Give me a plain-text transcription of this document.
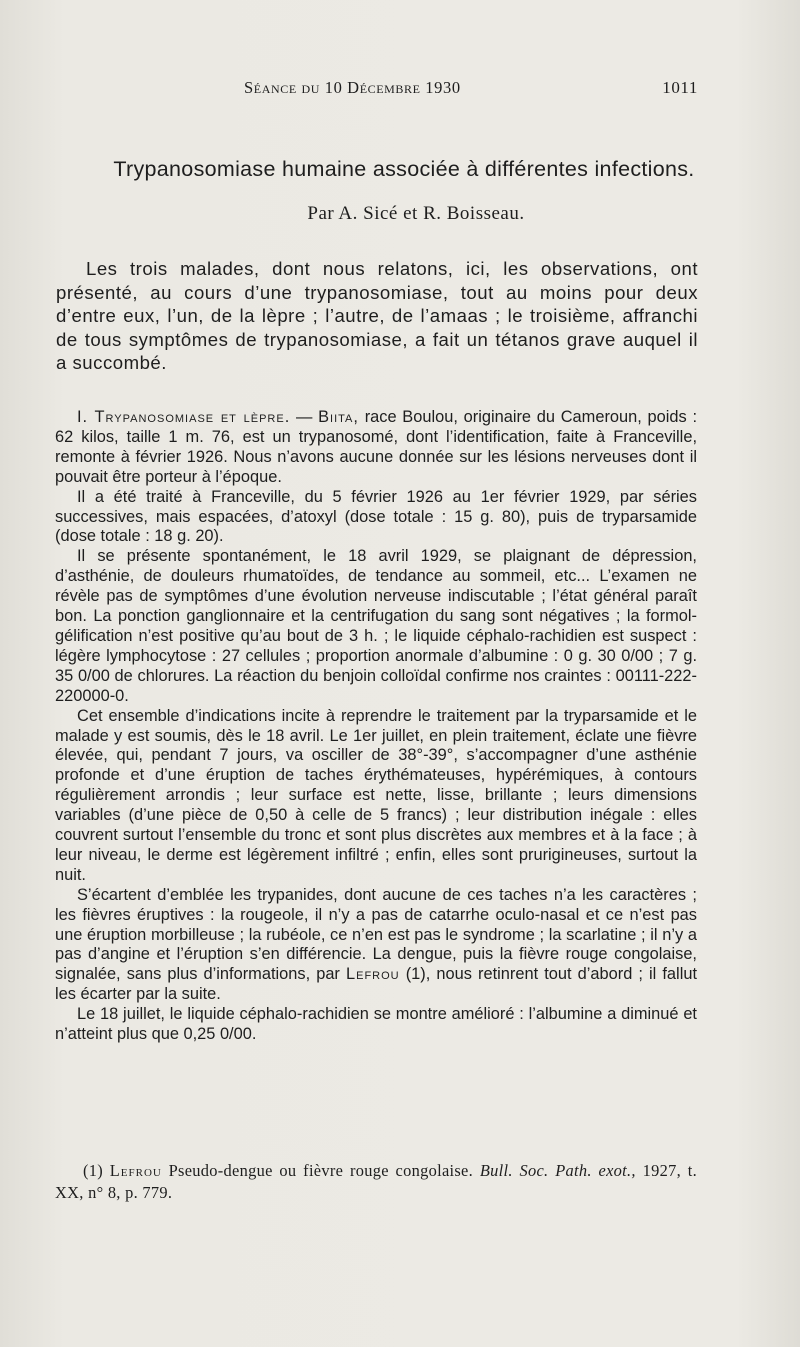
Séance du 10 Décembre 1930	1011
Trypanosomiase humaine associée à différentes infections.
Par A. Sicé et R. Boisseau.
Les trois malades, dont nous relatons, ici, les observations, ont présenté, au cours d’une trypanosomiase, tout au moins pour deux d’entre eux, l’un, de la lèpre ; l’autre, de l’amaas ; le troisième, affranchi de tous symptômes de trypanosomiase, a fait un tétanos grave auquel il a succombé.

I. Trypanosomiase et lèpre. — Biita, race Boulou, originaire du Cameroun, poids : 62 kilos, taille 1 m. 76, est un trypanosomé, dont l’identification, faite à Franceville, remonte à février 1926. Nous n’avons aucune donnée sur les lésions nerveuses dont il pouvait être porteur à l’époque.

Il a été traité à Franceville, du 5 février 1926 au 1er février 1929, par séries successives, mais espacées, d’atoxyl (dose totale : 15 g. 80), puis de tryparsamide (dose totale : 18 g. 20).

Il se présente spontanément, le 18 avril 1929, se plaignant de dépression, d’asthénie, de douleurs rhumatoïdes, de tendance au sommeil, etc... L’examen ne révèle pas de symptômes d’une évolution nerveuse indiscutable ; l’état général paraît bon. La ponction ganglionnaire et la centrifugation du sang sont négatives ; la formol-gélification n’est positive qu’au bout de 3 h. ; le liquide céphalo-rachidien est suspect : légère lymphocytose : 27 cellules ; proportion anormale d’albumine : 0 g. 30 0/00 ; 7 g. 35 0/00 de chlorures. La réaction du benjoin colloïdal confirme nos craintes : 00111-222-220000-0.

Cet ensemble d’indications incite à reprendre le traitement par la tryparsamide et le malade y est soumis, dès le 18 avril. Le 1er juillet, en plein traitement, éclate une fièvre élevée, qui, pendant 7 jours, va osciller de 38°-39°, s’accompagner d’une asthénie profonde et d’une éruption de taches érythémateuses, hypérémiques, à contours régulièrement arrondis ; leur surface est nette, lisse, brillante ; leurs dimensions variables (d’une pièce de 0,50 à celle de 5 francs) ; leur distribution inégale : elles couvrent surtout l’ensemble du tronc et sont plus discrètes aux membres et à la face ; à leur niveau, le derme est légèrement infiltré ; enfin, elles sont prurigineuses, surtout la nuit.

S’écartent d’emblée les trypanides, dont aucune de ces taches n’a les caractères ; les fièvres éruptives : la rougeole, il n’y a pas de catarrhe oculo-nasal et ce n’est pas une éruption morbilleuse ; la rubéole, ce n’en est pas le syndrome ; la scarlatine ; il n’y a pas d’angine et l’éruption s’en différencie. La dengue, puis la fièvre rouge congolaise, signalée, sans plus d’informations, par Lefrou (1), nous retinrent tout d’abord ; il fallut les écarter par la suite.

Le 18 juillet, le liquide céphalo-rachidien se montre amélioré : l’albumine a diminué et n’atteint plus que 0,25 0/00.

(1) Lefrou Pseudo-dengue ou fièvre rouge congolaise. Bull. Soc. Path. exot., 1927, t. XX, n° 8, p. 779.
